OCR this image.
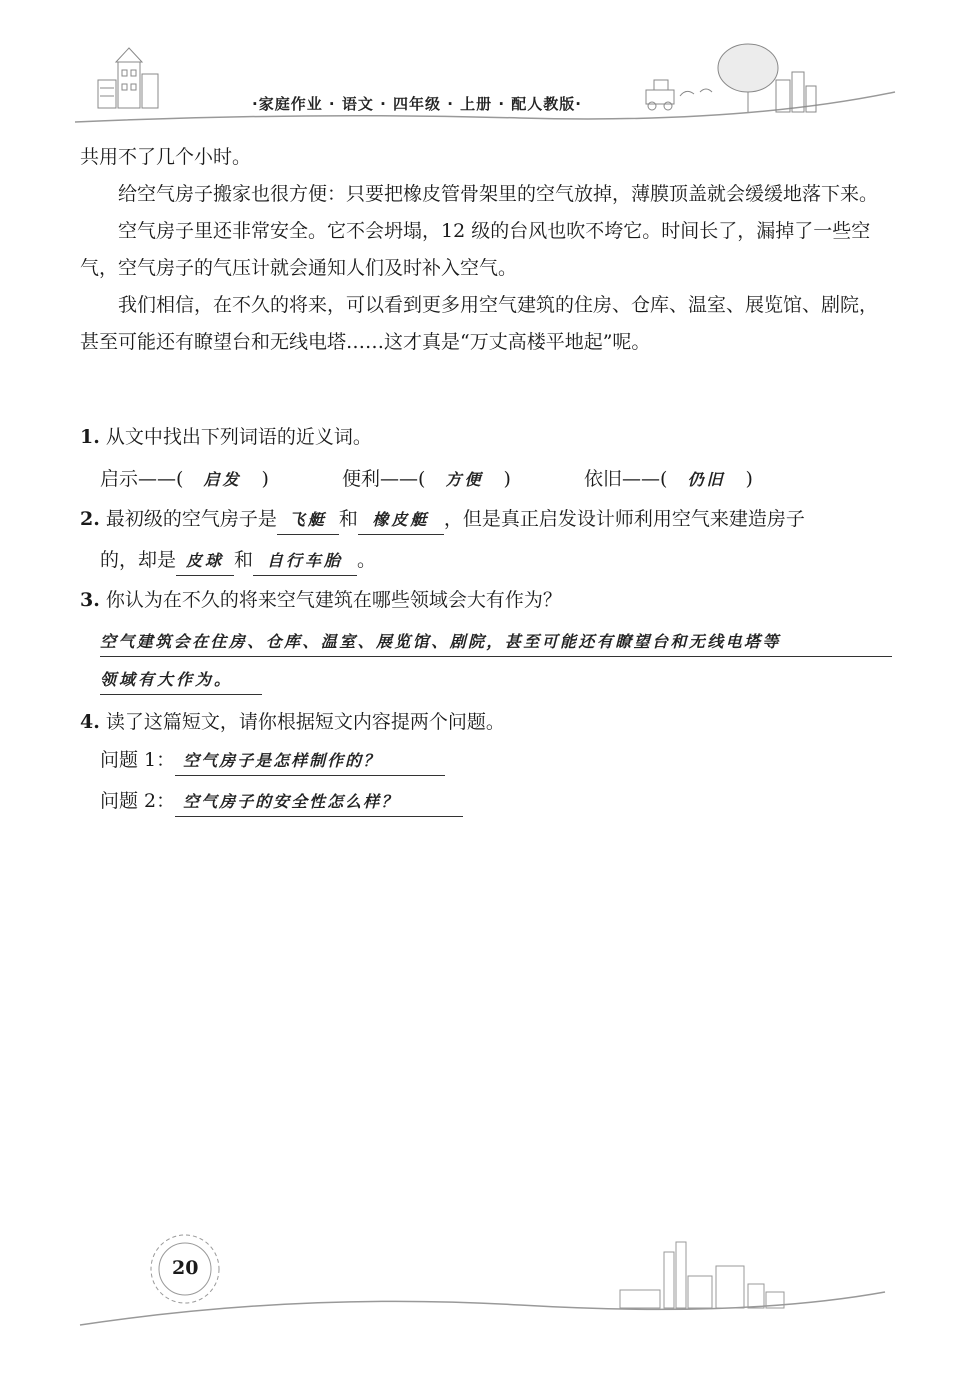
·家庭作业 · 语文 · 四年级 · 上册 · 配人教版·

共用不了几个小时。

给空气房子搬家也很方便：只要把橡皮管骨架里的空气放掉，薄膜顶盖就会缓缓地落下来。

空气房子里还非常安全。它不会坍塌，12 级的台风也吹不垮它。时间长了，漏掉了一些空气，空气房子的气压计就会通知人们及时补入空气。

我们相信，在不久的将来，可以看到更多用空气建筑的住房、仓库、温室、展览馆、剧院，甚至可能还有瞭望台和无线电塔……这才真是“万丈高楼平地起”呢。

1. 从文中找出下列词语的近义词。
启示——( 启发 )	便利——( 方便 )	依旧——( 仍旧 )
2. 最初级的空气房子是 飞艇 和 橡皮艇 ，但是真正启发设计师利用空气来建造房子
的，却是 皮球 和 自行车胎 。
3. 你认为在不久的将来空气建筑在哪些领域会大有作为？
空气建筑会在住房、仓库、温室、展览馆、剧院，甚至可能还有瞭望台和无线电塔等
领域有大作为。
4. 读了这篇短文，请你根据短文内容提两个问题。
问题 1： 空气房子是怎样制作的？
问题 2： 空气房子的安全性怎么样？
20
